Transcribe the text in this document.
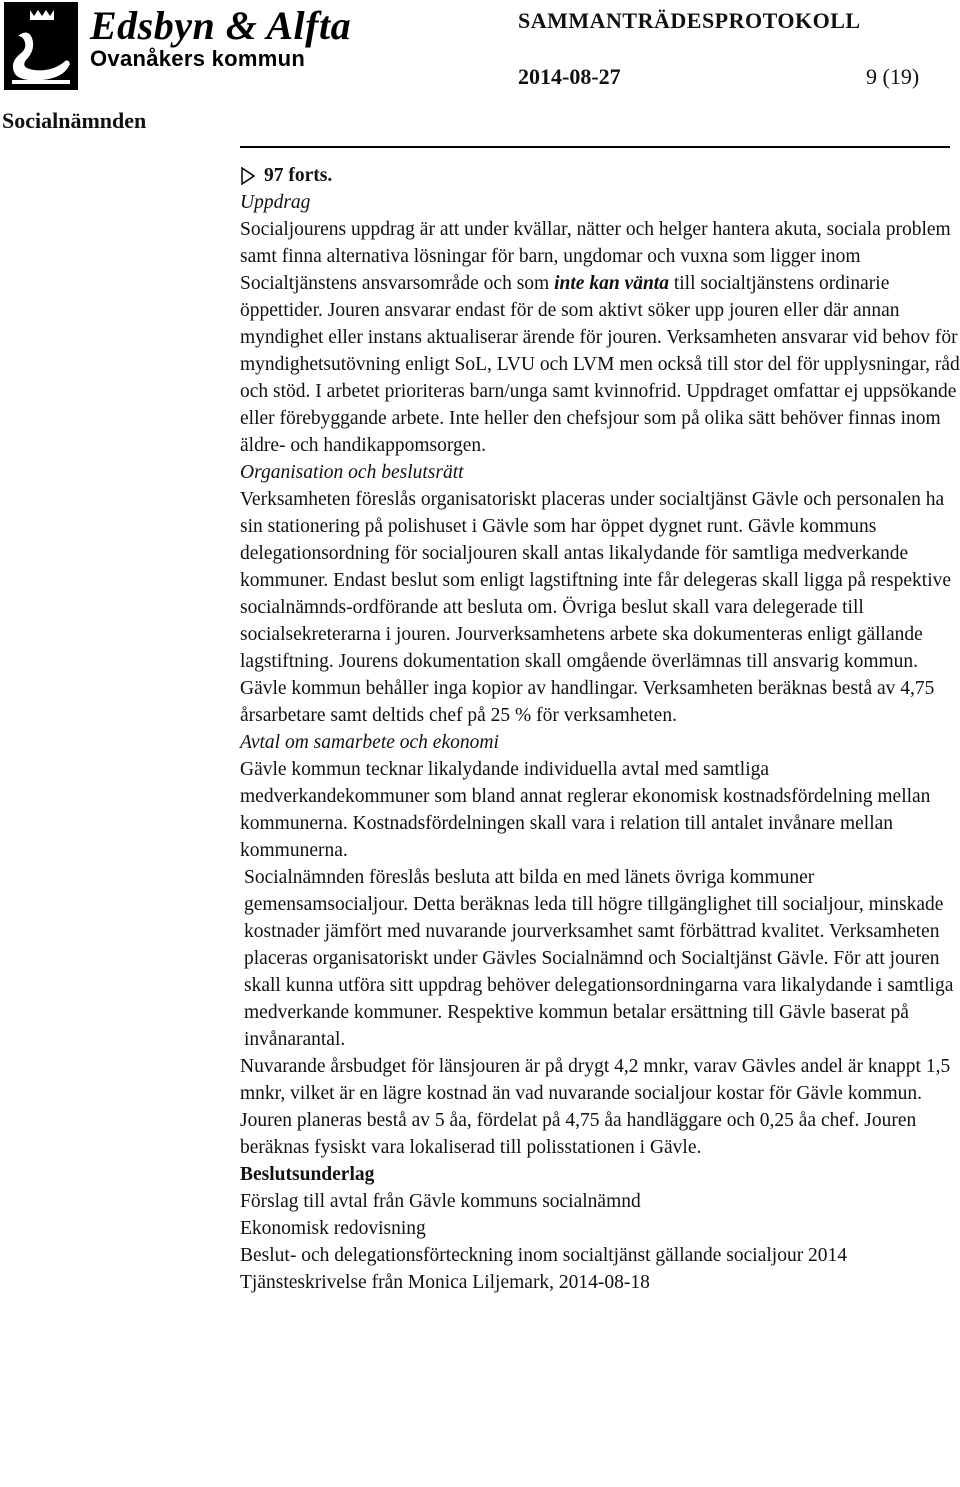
Edsbyn & Alfta
Ovanåkers kommun
SAMMANTRÄDESPROTOKOLL
2014-08-27	9 (19)
Socialnämnden
97 forts.
Uppdrag

Socialjourens uppdrag är att under kvällar, nätter och helger hantera akuta, sociala problem samt finna alternativa lösningar för barn, ungdomar och vuxna som ligger inom Socialtjänstens ansvarsområde och som inte kan vänta till socialtjänstens ordinarie öppettider. Jouren ansvarar endast för de som aktivt söker upp jouren eller där annan myndighet eller instans aktualiserar ärende för jouren. Verksamheten ansvarar vid behov för myndighetsutövning enligt SoL, LVU och LVM men också till stor del för upplysningar, råd och stöd. I arbetet prioriteras barn/unga samt kvinnofrid. Uppdraget omfattar ej uppsökande eller förebyggande arbete. Inte heller den chefsjour som på olika sätt behöver finnas inom äldre- och handikappomsorgen.

Organisation och beslutsrätt

Verksamheten föreslås organisatoriskt placeras under socialtjänst Gävle och personalen ha sin stationering på polishuset i Gävle som har öppet dygnet runt. Gävle kommuns delegationsordning för socialjouren skall antas likalydande för samtliga medverkande kommuner. Endast beslut som enligt lagstiftning inte får delegeras skall ligga på respektive socialnämnds-ordförande att besluta om. Övriga beslut skall vara delegerade till socialsekreterarna i jouren. Jourverksamhetens arbete ska dokumenteras enligt gällande lagstiftning. Jourens dokumentation skall omgående överlämnas till ansvarig kommun. Gävle kommun behåller inga kopior av handlingar. Verksamheten beräknas bestå av 4,75 årsarbetare samt deltids chef på 25 % för verksamheten.

Avtal om samarbete och ekonomi

Gävle kommun tecknar likalydande individuella avtal med samtliga medverkandekommuner som bland annat reglerar ekonomisk kostnadsfördelning mellan kommunerna. Kostnadsfördelningen skall vara i relation till antalet invånare mellan kommunerna.

Socialnämnden föreslås besluta att bilda en med länets övriga kommuner gemensamsocialjour. Detta beräknas leda till högre tillgänglighet till socialjour, minskade kostnader jämfört med nuvarande jourverksamhet samt förbättrad kvalitet. Verksamheten placeras organisatoriskt under Gävles Socialnämnd och Socialtjänst Gävle. För att jouren skall kunna utföra sitt uppdrag behöver delegationsordningarna vara likalydande i samtliga medverkande kommuner. Respektive kommun betalar ersättning till Gävle baserat på invånarantal.

Nuvarande årsbudget för länsjouren är på drygt 4,2 mnkr, varav Gävles andel är knappt 1,5 mnkr, vilket är en lägre kostnad än vad nuvarande socialjour kostar för Gävle kommun. Jouren planeras bestå av 5 åa, fördelat på 4,75 åa handläggare och 0,25 åa chef. Jouren beräknas fysiskt vara lokaliserad till polisstationen i Gävle.

Beslutsunderlag
Förslag till avtal från Gävle kommuns socialnämnd
Ekonomisk redovisning
Beslut- och delegationsförteckning inom socialtjänst gällande socialjour 2014
Tjänsteskrivelse från Monica Liljemark, 2014-08-18
